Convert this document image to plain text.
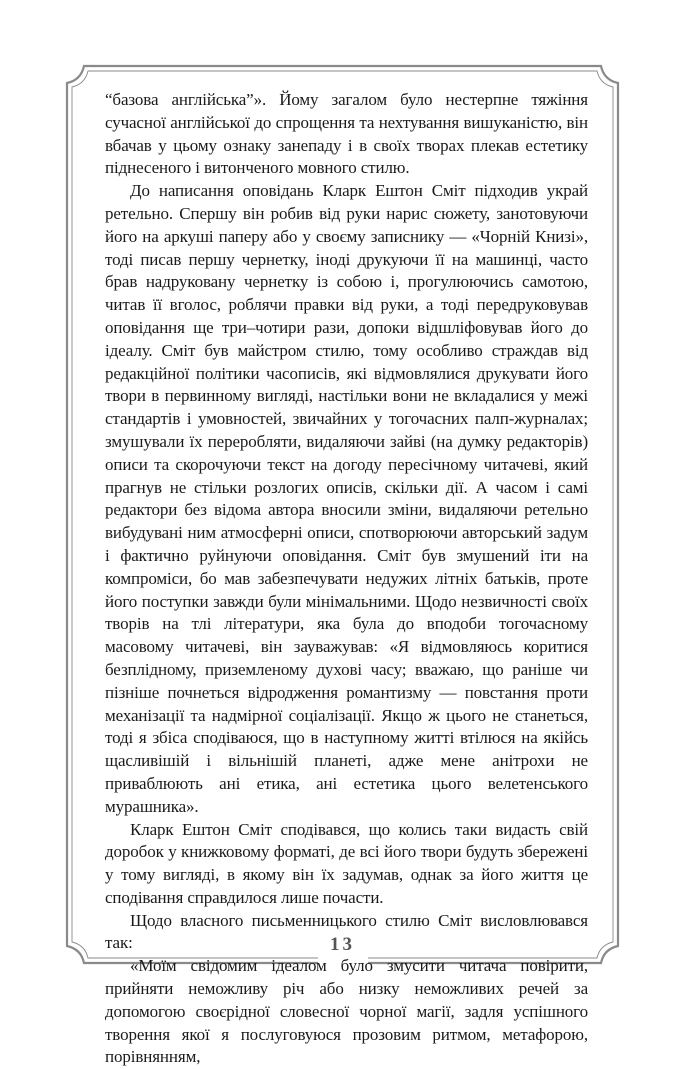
“базова англійська”». Йому загалом було нестерпне тяжіння сучасної англійської до спрощення та нехтування вишуканістю, він вбачав у цьому ознаку занепаду і в своїх творах плекав естетику піднесеного і витонченого мовного стилю.

До написання оповідань Кларк Ештон Сміт підходив украй ретельно. Спершу він робив від руки нарис сюжету, занотовуючи його на аркуші паперу або у своєму записнику — «Чорній Книзі», тоді писав першу чернетку, іноді друкуючи її на машинці, часто брав надруковану чернетку із собою і, прогулюючись самотою, читав її вголос, роблячи правки від руки, а тоді передруковував оповідання ще три–чотири рази, допоки відшліфовував його до ідеалу. Сміт був майстром стилю, тому особливо страждав від редакційної політики часописів, які відмовлялися друкувати його твори в первинному вигляді, настільки вони не вкладалися у межі стандартів і умовностей, звичайних у тогочасних палп-журналах; змушували їх переробляти, видаляючи зайві (на думку редакторів) описи та скорочуючи текст на догоду пересічному читачеві, який прагнув не стільки розлогих описів, скільки дії. А часом і самі редактори без відома автора вносили зміни, видаляючи ретельно вибудувані ним атмосферні описи, спотворюючи авторський задум і фактично руйнуючи оповідання. Сміт був змушений іти на компроміси, бо мав забезпечувати недужих літніх батьків, проте його поступки завжди були мінімальними. Щодо незвичності своїх творів на тлі літератури, яка була до вподоби тогочасному масовому читачеві, він зауважував: «Я відмовляюсь коритися безплідному, приземленому духові часу; вважаю, що раніше чи пізніше почнеться відродження романтизму — повстання проти механізації та надмірної соціалізації. Якщо ж цього не станеться, тоді я збіса сподіваюся, що в наступному житті втілюся на якійсь щасливішій і вільнішій планеті, адже мене анітрохи не приваблюють ані етика, ані естетика цього велетенського мурашника».

Кларк Ештон Сміт сподівався, що колись таки видасть свій доробок у книжковому форматі, де всі його твори будуть збережені у тому вигляді, в якому він їх задумав, однак за його життя це сподівання справдилося лише почасти.

Щодо власного письменницького стилю Сміт висловлювався так:

«Моїм свідомим ідеалом було змусити читача повірити, прийняти неможливу річ або низку неможливих речей за допомогою своєрідної словесної чорної магії, задля успішного творення якої я послуговуюся прозовим ритмом, метафорою, порівнянням,

13
